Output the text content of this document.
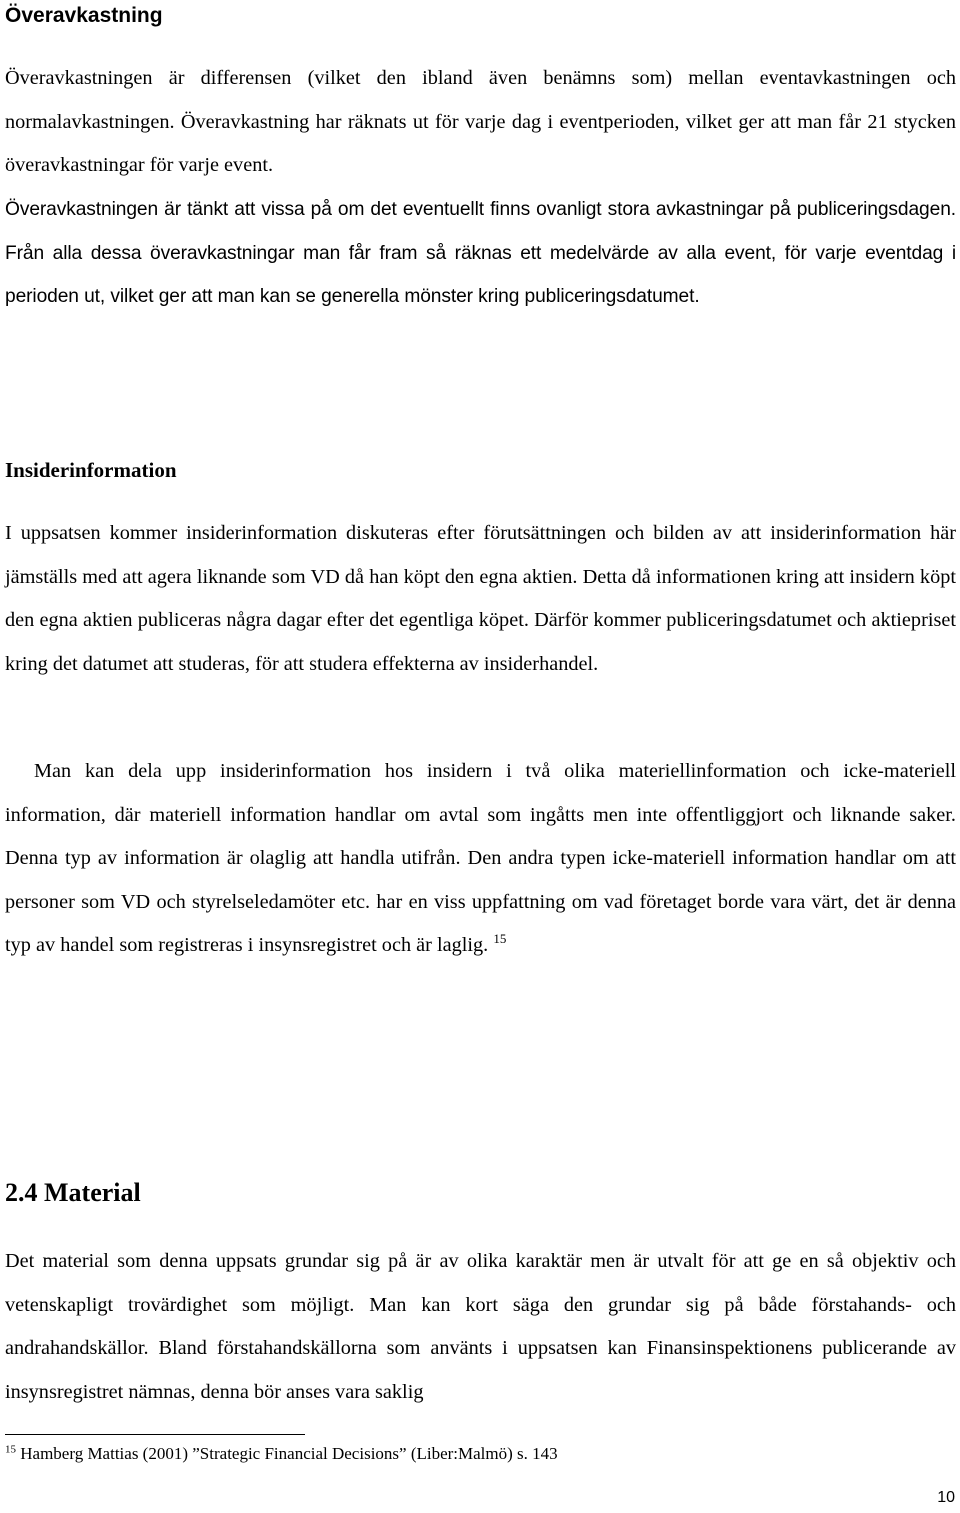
Överavkastning

Överavkastningen är differensen (vilket den ibland även benämns som) mellan eventavkastningen och normalavkastningen. Överavkastning har räknats ut för varje dag i eventperioden, vilket ger att man får 21 stycken överavkastningar för varje event.

Överavkastningen är tänkt att vissa på om det eventuellt finns ovanligt stora avkastningar på publiceringsdagen. Från alla dessa överavkastningar man får fram så räknas ett medelvärde av alla event, för varje eventdag i perioden ut, vilket ger att man kan se generella mönster kring publiceringsdatumet.

Insiderinformation

I uppsatsen kommer insiderinformation diskuteras efter förutsättningen och bilden av att insiderinformation här jämställs med att agera liknande som VD då han köpt den egna aktien. Detta då informationen kring att insidern köpt den egna aktien publiceras några dagar efter det egentliga köpet. Därför kommer publiceringsdatumet och aktiepriset kring det datumet att studeras, för att studera effekterna av insiderhandel.

Man kan dela upp insiderinformation hos insidern i två olika materiellinformation och icke-materiell information, där materiell information handlar om avtal som ingåtts men inte offentliggjort och liknande saker. Denna typ av information är olaglig att handla utifrån. Den andra typen icke-materiell information handlar om att personer som VD och styrelseledamöter etc. har en viss uppfattning om vad företaget borde vara värt, det är denna typ av handel som registreras i insynsregistret och är laglig. $^{15}$

2.4 Material

Det material som denna uppsats grundar sig på är av olika karaktär men är utvalt för att ge en så objektiv och vetenskapligt trovärdighet som möjligt. Man kan kort säga den grundar sig på både förstahands- och andrahandskällor. Bland förstahandskällorna som använts i uppsatsen kan Finansinspektionens publicerande av insynsregistret nämnas, denna bör anses vara saklig

$^{15}$ Hamberg Mattias (2001) ”Strategic Financial Decisions” (Liber:Malmö) s. 143
10
